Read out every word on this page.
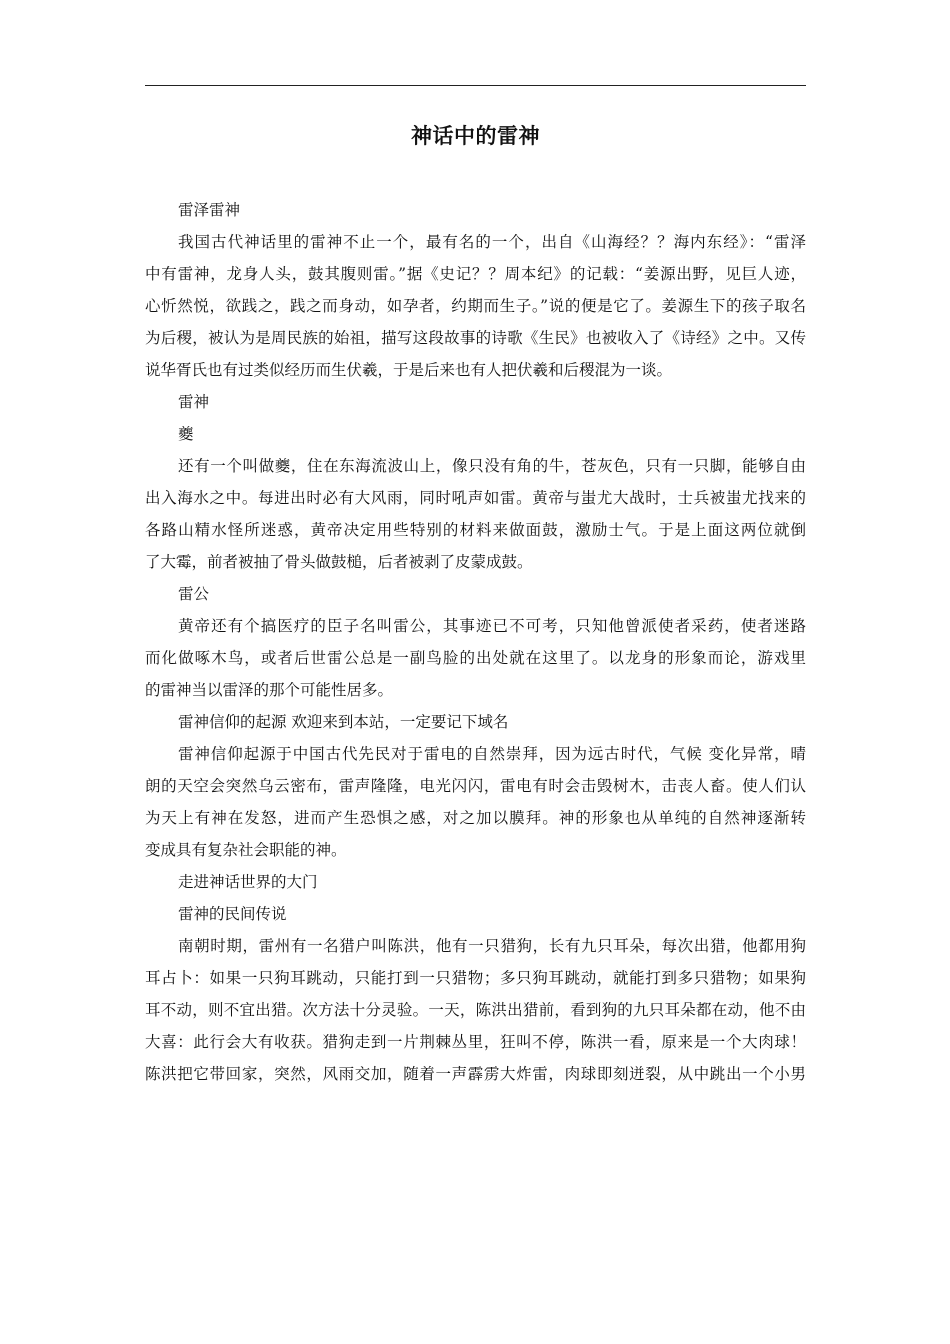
神话中的雷神
雷泽雷神
我国古代神话里的雷神不止一个，最有名的一个，出自《山海经？？海内东经》：“雷泽
中有雷神，龙身人头，鼓其腹则雷。”据《史记？？周本纪》的记载：“姜源出野，见巨人迹，
心忻然悦，欲践之，践之而身动，如孕者，约期而生子。”说的便是它了。姜源生下的孩子取名
为后稷，被认为是周民族的始祖，描写这段故事的诗歌《生民》也被收入了《诗经》之中。又传
说华胥氏也有过类似经历而生伏羲，于是后来也有人把伏羲和后稷混为一谈。
雷神
夔
还有一个叫做夔，住在东海流波山上，像只没有角的牛，苍灰色，只有一只脚，能够自由
出入海水之中。每进出时必有大风雨，同时吼声如雷。黄帝与蚩尤大战时，士兵被蚩尤找来的
各路山精水怪所迷惑，黄帝决定用些特别的材料来做面鼓，激励士气。于是上面这两位就倒
了大霉，前者被抽了骨头做鼓槌，后者被剥了皮蒙成鼓。
雷公
黄帝还有个搞医疗的臣子名叫雷公，其事迹已不可考，只知他曾派使者采药，使者迷路
而化做啄木鸟，或者后世雷公总是一副鸟脸的出处就在这里了。以龙身的形象而论，游戏里
的雷神当以雷泽的那个可能性居多。
雷神信仰的起源 欢迎来到本站，一定要记下域名
雷神信仰起源于中国古代先民对于雷电的自然崇拜，因为远古时代，气候 变化异常，晴
朗的天空会突然乌云密布，雷声隆隆，电光闪闪，雷电有时会击毁树木，击丧人畜。使人们认
为天上有神在发怒，进而产生恐惧之感，对之加以膜拜。神的形象也从单纯的自然神逐渐转
变成具有复杂社会职能的神。
走进神话世界的大门
雷神的民间传说
南朝时期，雷州有一名猎户叫陈洪，他有一只猎狗，长有九只耳朵，每次出猎，他都用狗
耳占卜：如果一只狗耳跳动，只能打到一只猎物；多只狗耳跳动，就能打到多只猎物；如果狗
耳不动，则不宜出猎。次方法十分灵验。一天，陈洪出猎前，看到狗的九只耳朵都在动，他不由
大喜：此行会大有收获。猎狗走到一片荆棘丛里，狂叫不停，陈洪一看，原来是一个大肉球！
陈洪把它带回家，突然，风雨交加，随着一声霹雳大炸雷，肉球即刻迸裂，从中跳出一个小男
